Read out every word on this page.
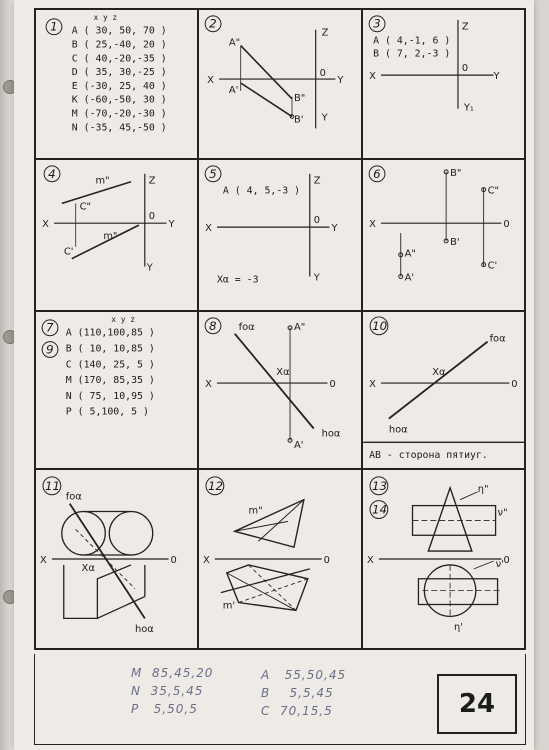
1
x y z
A ( 30, 50, 70 )
B ( 25,-40, 20 )
C ( 40,-20,-35 )
D ( 35, 30,-25 )
E (-30, 25, 40 )
K (-60,-50, 30 )
M (-70,-20,-30 )
N (-35, 45,-50 )
2
Z
X	Y
0
Y
A"
A'
B"
B'
3
A ( 4,-1, 6 )
B ( 7, 2,-3 )
Z
X	Y
0
Y₁
4
Z
X	Y
0
Y
m"
C"
C'
m"
5
A ( 4, 5,-3 )
Z
X	Y
0
Y
Xα = -3
6
X	0
B"
C"
B'
A"
C'
A'
7
9
x y z
A (110,100,85 )
B ( 10, 10,85 )
C (140, 25, 5 )
M (170, 85,35 )
N ( 75, 10,95 )
P ( 5,100, 5 )
8
X	0
fοα	A"
Xα
hοα
A'
10
X	0
fοα
Xα
hοα
AB - сторона пятиуг.
11
X	0
fοα
Xα
hοα
12
X	0
m"
m'
13
14
X	0
η"
ν"
ν'
η'
M  85,45,20
N  35,5,45
P   5,50,5
A   55,50,45
B    5,5,45
C  70,15,5	24
